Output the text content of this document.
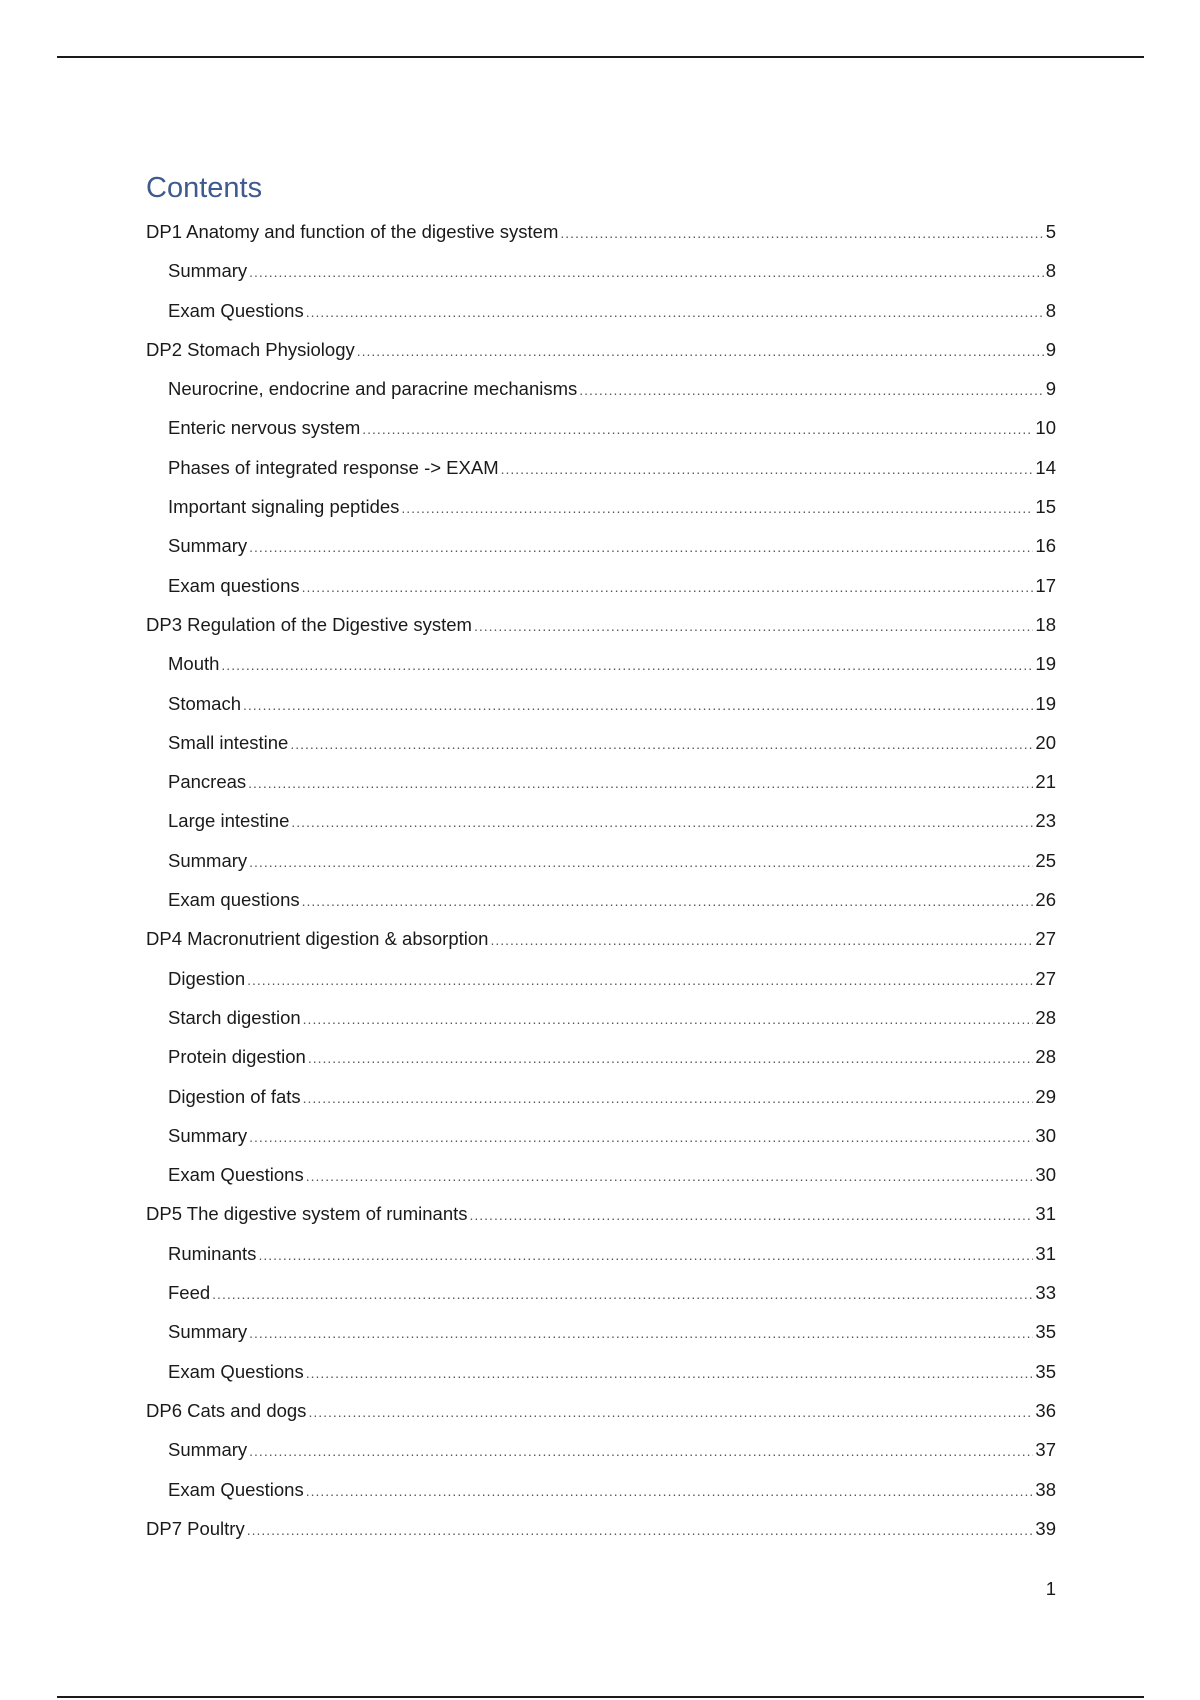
Contents
DP1 Anatomy and function of the digestive system .....	5
Summary .....	8
Exam Questions .....	8
DP2 Stomach Physiology .....	9
Neurocrine, endocrine and paracrine mechanisms .....	9
Enteric nervous system .....	10
Phases of integrated response -> EXAM .....	14
Important signaling peptides .....	15
Summary .....	16
Exam questions .....	17
DP3 Regulation of the Digestive system .....	18
Mouth .....	19
Stomach .....	19
Small intestine .....	20
Pancreas .....	21
Large intestine .....	23
Summary .....	25
Exam questions .....	26
DP4 Macronutrient digestion & absorption .....	27
Digestion .....	27
Starch digestion .....	28
Protein digestion .....	28
Digestion of fats .....	29
Summary .....	30
Exam Questions .....	30
DP5 The digestive system of ruminants .....	31
Ruminants .....	31
Feed .....	33
Summary .....	35
Exam Questions .....	35
DP6 Cats and dogs .....	36
Summary .....	37
Exam Questions .....	38
DP7 Poultry .....	39
1
